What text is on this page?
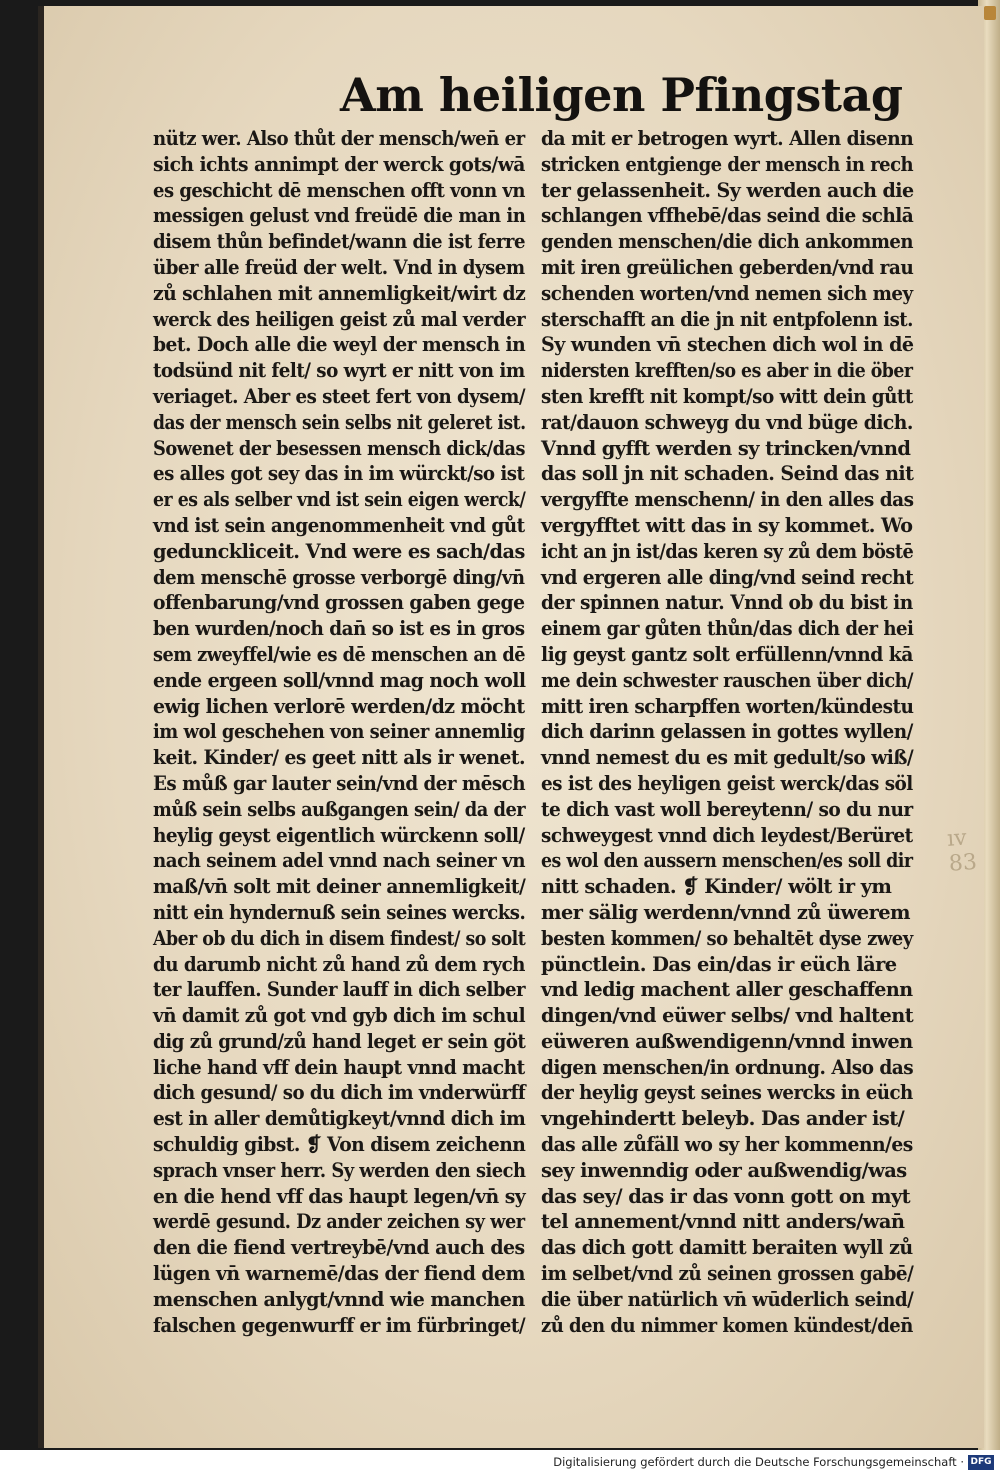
Am heiligen Pfingstag
nütz wer. Also thůt der mensch/wen̄ er
sich ichts annimpt der werck gots/wā
es geschicht dē menschen offt vonn vn
messigen gelust vnd freüdē die man in
disem thůn befindet/wann die ist ferre
über alle freüd der welt. Vnd in dysem
zů schlahen mit annemligkeit/wirt dz
werck des heiligen geist zů mal verder
bet. Doch alle die weyl der mensch in
todsünd nit felt/ so wyrt er nitt von im
veriaget. Aber es steet fert von dysem/
das der mensch sein selbs nit geleret ist.
Sowenet der besessen mensch dick/das
es alles got sey das in im würckt/so ist
er es als selber vnd ist sein eigen werck/
vnd ist sein angenommenheit vnd gůt
gedunckliceit. Vnd were es sach/das
dem menschē grosse verborgē ding/vn̄
offenbarung/vnd grossen gaben gege
ben wurden/noch dan̄ so ist es in gros
sem zweyffel/wie es dē menschen an dē
ende ergeen soll/vnnd mag noch woll
ewig lichen verlorē werden/dz möcht
im wol geschehen von seiner annemlig
keit. Kinder/ es geet nitt als ir wenet.
Es můß gar lauter sein/vnd der mēsch
můß sein selbs außgangen sein/ da der
heylig geyst eigentlich würckenn soll/
nach seinem adel vnnd nach seiner vn
maß/vn̄ solt mit deiner annemligkeit/
nitt ein hyndernuß sein seines wercks.
Aber ob du dich in disem findest/ so solt
du darumb nicht zů hand zů dem rych
ter lauffen. Sunder lauff in dich selber
vn̄ damit zů got vnd gyb dich im schul
dig zů grund/zů hand leget er sein göt
liche hand vff dein haupt vnnd macht
dich gesund/ so du dich im vnderwürff
est in aller demůtigkeyt/vnnd dich im
schuldig gibst. ❡ Von disem zeichenn
sprach vnser herr. Sy werden den siech
en die hend vff das haupt legen/vn̄ sy
werdē gesund. Dz ander zeichen sy wer
den die fiend vertreybē/vnd auch des
lügen vn̄ warnemē/das der fiend dem
menschen anlygt/vnnd wie manchen
falschen gegenwurff er im fürbringet/
da mit er betrogen wyrt. Allen disenn
stricken entgienge der mensch in rech
ter gelassenheit. Sy werden auch die
schlangen vffhebē/das seind die schlā
genden menschen/die dich ankommen
mit iren greülichen geberden/vnd rau
schenden worten/vnd nemen sich mey
sterschafft an die jn nit entpfolenn ist.
Sy wunden vn̄ stechen dich wol in dē
nidersten krefften/so es aber in die öber
sten krefft nit kompt/so witt dein gůtt
rat/dauon schweyg du vnd büge dich.
Vnnd gyfft werden sy trincken/vnnd
das soll jn nit schaden. Seind das nit
vergyffte menschenn/ in den alles das
vergyfftet witt das in sy kommet. Wo
icht an jn ist/das keren sy zů dem böstē
vnd ergeren alle ding/vnd seind recht
der spinnen natur. Vnnd ob du bist in
einem gar gůten thůn/das dich der hei
lig geyst gantz solt erfüllenn/vnnd kā
me dein schwester rauschen über dich/
mitt iren scharpffen worten/kündestu
dich darinn gelassen in gottes wyllen/
vnnd nemest du es mit gedult/so wiß/
es ist des heyligen geist werck/das söl
te dich vast woll bereytenn/ so du nur
schweygest vnnd dich leydest/Berüret
es wol den aussern menschen/es soll dir
nitt schaden. ❡ Kinder/ wölt ir ym
mer sälig werdenn/vnnd zů üwerem
besten kommen/ so behaltēt dyse zwey
pünctlein. Das ein/das ir eüch läre
vnd ledig machent aller geschaffenn
dingen/vnd eüwer selbs/ vnd haltent
eüweren außwendigenn/vnnd inwen
digen menschen/in ordnung. Also das
der heylig geyst seines wercks in eüch
vngehindertt beleyb. Das ander ist/
das alle zůfäll wo sy her kommenn/es
sey inwenndig oder außwendig/was
das sey/ das ir das vonn gott on myt
tel annement/vnnd nitt anders/wan̄
das dich gott damitt beraiten wyll zů
im selbet/vnd zů seinen grossen gabē/
die über natürlich vn̄ wūderlich seind/
zů den du nimmer komen kündest/den̄
ıv 83
Digitalisierung gefördert durch die Deutsche Forschungsgemeinschaft · DFG
